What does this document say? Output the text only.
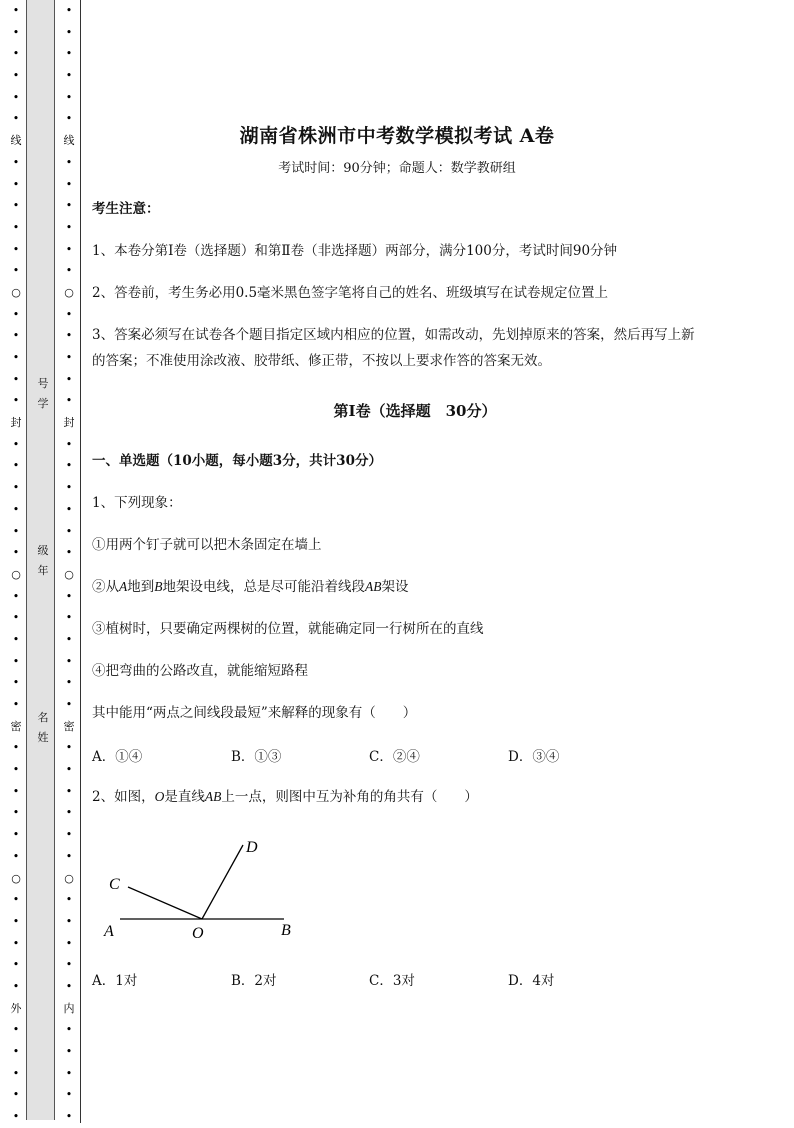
•
•
•
•
•
•
线
•
•
•
•
•
•
○
•
•
•
•
•
封
•
•
•
•
•
•
○
•
•
•
•
•
•
密
•
•
•
•
•
•
○
•
•
•
•
•
外
•
•
•
•
•
•
•
•
•
•
•
线
•
•
•
•
•
•
○
•
•
•
•
•
封
•
•
•
•
•
•
○
•
•
•
•
•
•
密
•
•
•
•
•
•
○
•
•
•
•
•
内
•
•
•
•
•
号
学
级
年
名
姓
湖南省株洲市中考数学模拟考试 A卷
考试时间：90分钟；命题人：数学教研组
考生注意：
1、本卷分第I卷（选择题）和第Ⅱ卷（非选择题）两部分，满分100分，考试时间90分钟
2、答卷前，考生务必用0.5毫米黑色签字笔将自己的姓名、班级填写在试卷规定位置上
3、答案必须写在试卷各个题目指定区域内相应的位置，如需改动，先划掉原来的答案，然后再写上新
的答案；不准使用涂改液、胶带纸、修正带，不按以上要求作答的答案无效。
第I卷（选择题　30分）
一、单选题（10小题，每小题3分，共计30分）
1、下列现象：
①用两个钉子就可以把木条固定在墙上
②从A地到B地架设电线，总是尽可能沿着线段AB架设
③植树时，只要确定两棵树的位置，就能确定同一行树所在的直线
④把弯曲的公路改直，就能缩短路程
其中能用“两点之间线段最短”来解释的现象有（　　）
A．①④	B．①③	C．②④	D．③④
2、如图，O是直线AB上一点，则图中互为补角的角共有（　　）
A	O	B
C
D
A．1对	B．2对	C．3对	D．4对
